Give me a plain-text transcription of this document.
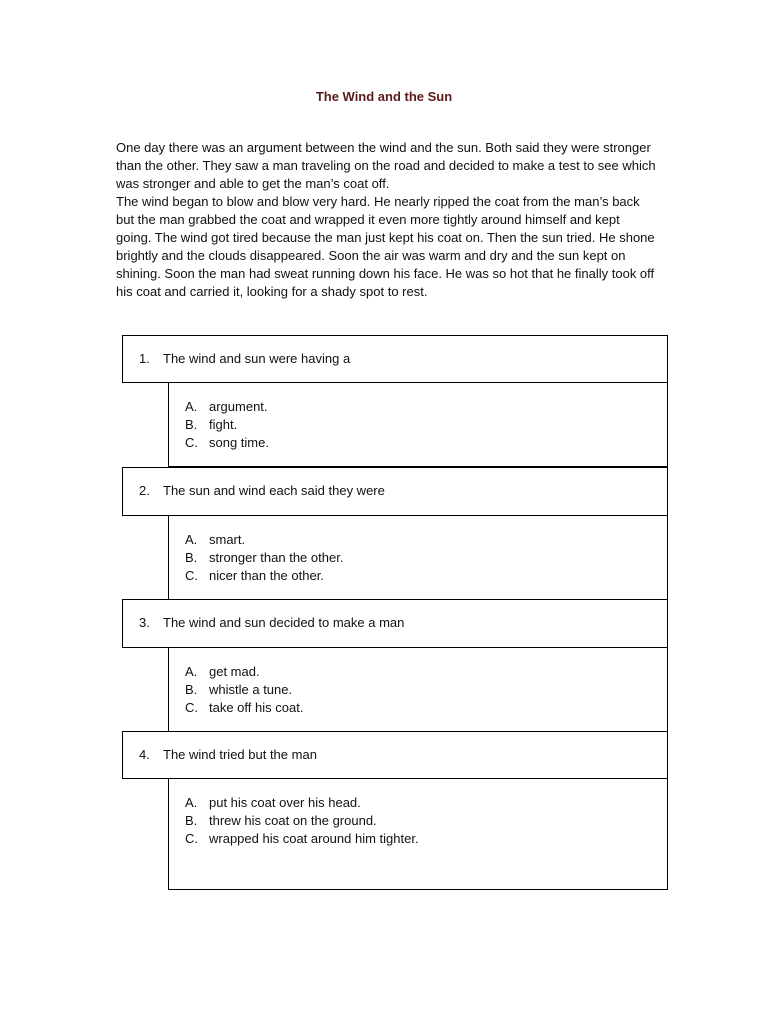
The Wind and the Sun

One day there was an argument between the wind and the sun. Both said they were stronger than the other. They saw a man traveling on the road and decided to make a test to see which was stronger and able to get the man’s coat off.

The wind began to blow and blow very hard. He nearly ripped the coat from the man’s back but the man grabbed the coat and wrapped it even more tightly around himself and kept going. The wind got tired because the man just kept his coat on. Then the sun tried. He shone brightly and the clouds disappeared. Soon the air was warm and dry and the sun kept on shining. Soon the man had sweat running down his face. He was so hot that he finally took off his coat and carried it, looking for a shady spot to rest.

1. The wind and sun were having a
A. argument.
B. fight.
C. song time.
2. The sun and wind each said they were
A. smart.
B. stronger than the other.
C. nicer than the other.
3. The wind and sun decided to make a man
A. get mad.
B. whistle a tune.
C. take off his coat.
4. The wind tried but the man
A. put his coat over his head.
B. threw his coat on the ground.
C. wrapped his coat around him tighter.
